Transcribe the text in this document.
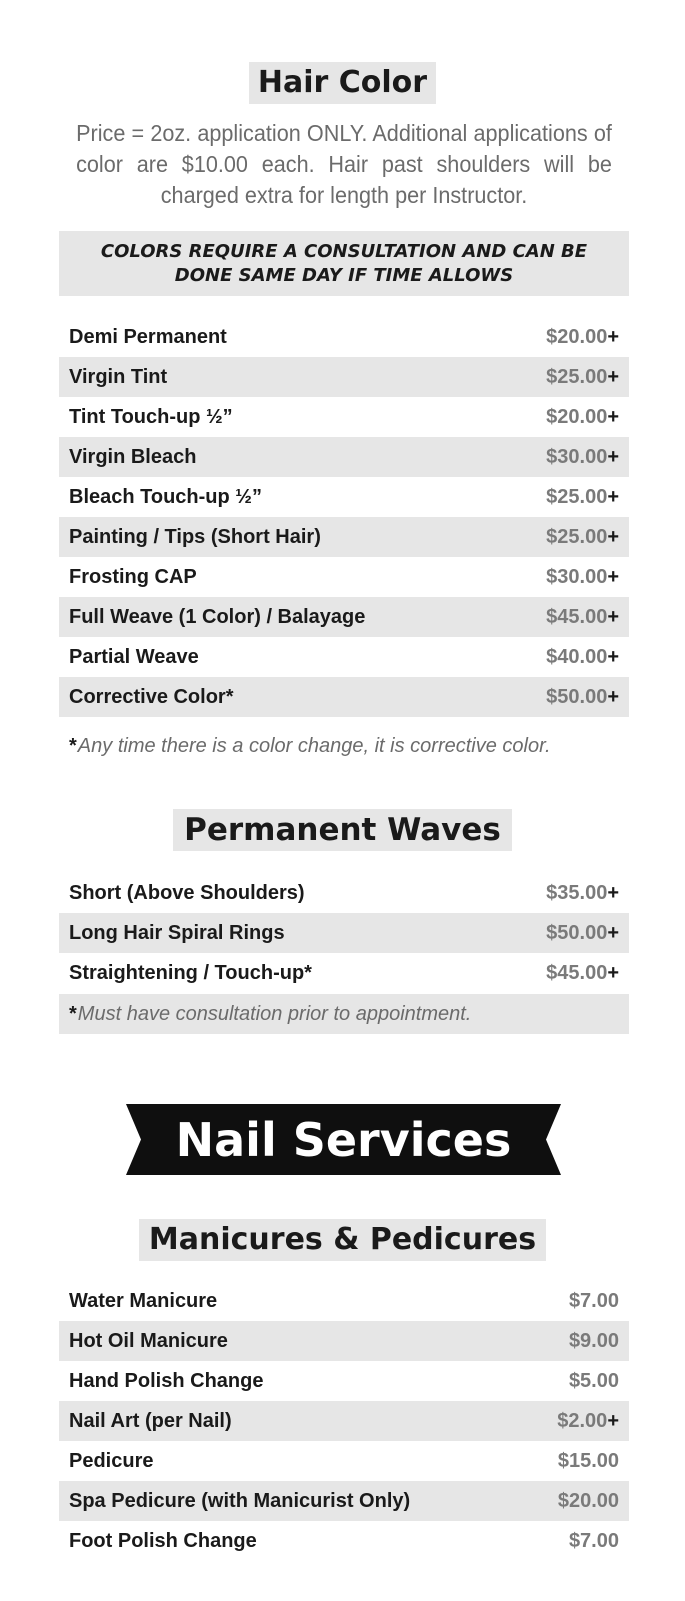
Hair Color
Price = 2oz. application ONLY. Additional applications of color are $10.00 each. Hair past shoulders will be charged extra for length per Instructor.
COLORS REQUIRE A CONSULTATION AND CAN BE
DONE SAME DAY IF TIME ALLOWS
Demi Permanent	$20.00+
Virgin Tint	$25.00+
Tint Touch-up ½”	$20.00+
Virgin Bleach	$30.00+
Bleach Touch-up ½”	$25.00+
Painting / Tips (Short Hair)	$25.00+
Frosting CAP	$30.00+
Full Weave (1 Color) / Balayage	$45.00+
Partial Weave	$40.00+
Corrective Color*	$50.00+
* Any time there is a color change, it is corrective color.
Permanent Waves
Short (Above Shoulders)	$35.00+
Long Hair Spiral Rings	$50.00+
Straightening / Touch-up*	$45.00+
* Must have consultation prior to appointment.
Nail Services
Manicures & Pedicures
Water Manicure	$7.00
Hot Oil Manicure	$9.00
Hand Polish Change	$5.00
Nail Art (per Nail)	$2.00+
Pedicure	$15.00
Spa Pedicure (with Manicurist Only)	$20.00
Foot Polish Change	$7.00
